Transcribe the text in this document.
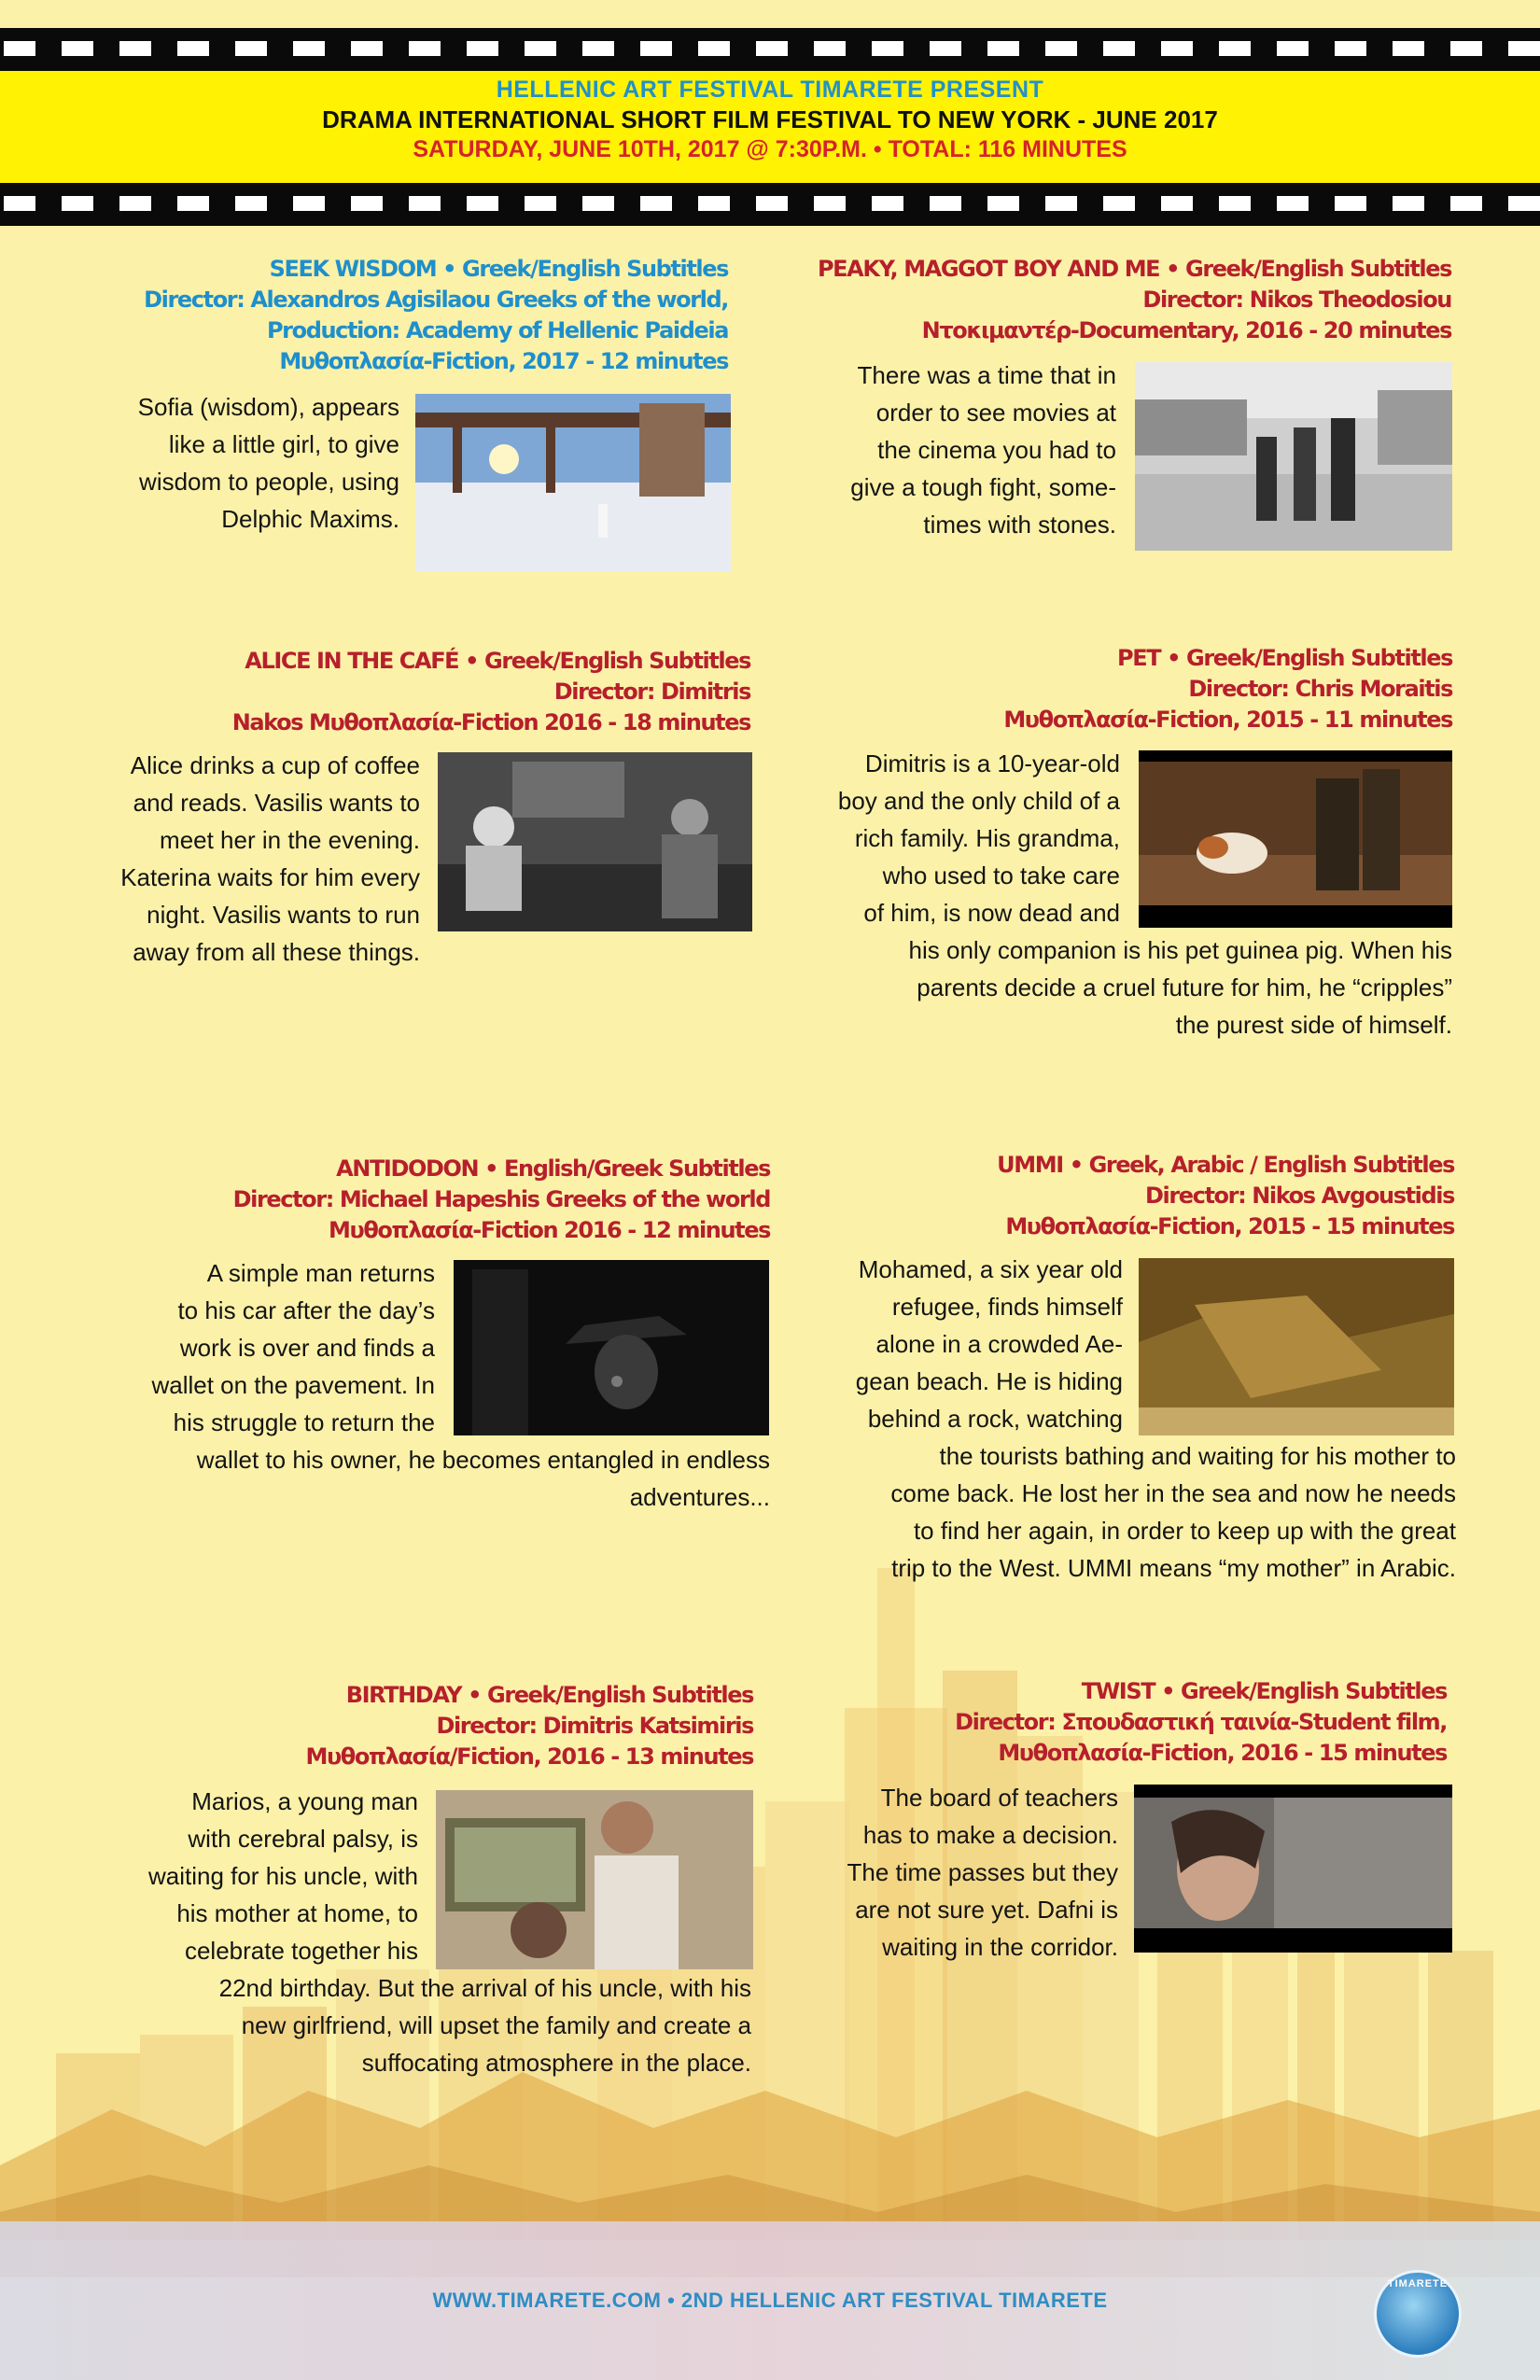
HELLENIC ART FESTIVAL TIMARETE PRESENT
DRAMA INTERNATIONAL SHORT FILM FESTIVAL TO NEW YORK - JUNE 2017
SATURDAY, JUNE 10TH, 2017 @ 7:30P.M. • TOTAL: 116 MINUTES
WWW.TIMARETE.COM • 2ND HELLENIC ART FESTIVAL TIMARETE
TIMARETE
SEEK WISDOM • Greek/English Subtitles
Director: Alexandros Agisilaou Greeks of the world,
Production: Academy of Hellenic Paideia
Μυθοπλασία-Fiction, 2017 - 12 minutes
Sofia (wisdom), appears
like a little girl, to give
wisdom to people, using
Delphic Maxims.
PEAKY, MAGGOT BOY AND ME • Greek/English Subtitles
Director: Nikos Theodosiou
Ντοκιμαντέρ-Documentary, 2016 - 20 minutes
There was a time that in
order to see movies at
the cinema you had to
give a tough fight, some-
times with stones.
ALICE IN THE CAFÉ • Greek/English Subtitles
Director: Dimitris
Nakos Μυθοπλασία-Fiction 2016 - 18 minutes
Alice drinks a cup of coffee
and reads. Vasilis wants to
meet her in the evening.
Katerina waits for him every
night. Vasilis wants to run
away from all these things.
PET • Greek/English Subtitles
Director: Chris Moraitis
Μυθοπλασία-Fiction, 2015 - 11 minutes
Dimitris is a 10-year-old
boy and the only child of a
rich family. His grandma,
who used to take care
of him, is now dead and
his only companion is his pet guinea pig. When his
parents decide a cruel future for him, he “cripples”
the purest side of himself.
ANTIDODON • English/Greek Subtitles
Director: Michael Hapeshis Greeks of the world
Μυθοπλασία-Fiction 2016 - 12 minutes
A simple man returns
to his car after the day’s
work is over and finds a
wallet on the pavement. In
his struggle to return the
wallet to his owner, he becomes entangled in endless
adventures...
UMMI • Greek, Arabic / English Subtitles
Director: Nikos Avgoustidis
Μυθοπλασία-Fiction, 2015 - 15 minutes
Mohamed, a six year old
refugee, finds himself
alone in a crowded Ae-
gean beach. He is hiding
behind a rock, watching
the tourists bathing and waiting for his mother to
come back. He lost her in the sea and now he needs
to find her again, in order to keep up with the great
trip to the West. UMMI means “my mother” in Arabic.
BIRTHDAY • Greek/English Subtitles
Director: Dimitris Katsimiris
Μυθοπλασία/Fiction, 2016 - 13 minutes
Marios, a young man
with cerebral palsy, is
waiting for his uncle, with
his mother at home, to
celebrate together his
22nd birthday. But the arrival of his uncle, with his
new girlfriend, will upset the family and create a
suffocating atmosphere in the place.
TWIST • Greek/English Subtitles
Director: Σπουδαστική ταινία-Student film,
Μυθοπλασία-Fiction, 2016 - 15 minutes
The board of teachers
has to make a decision.
The time passes but they
are not sure yet. Dafni is
waiting in the corridor.
